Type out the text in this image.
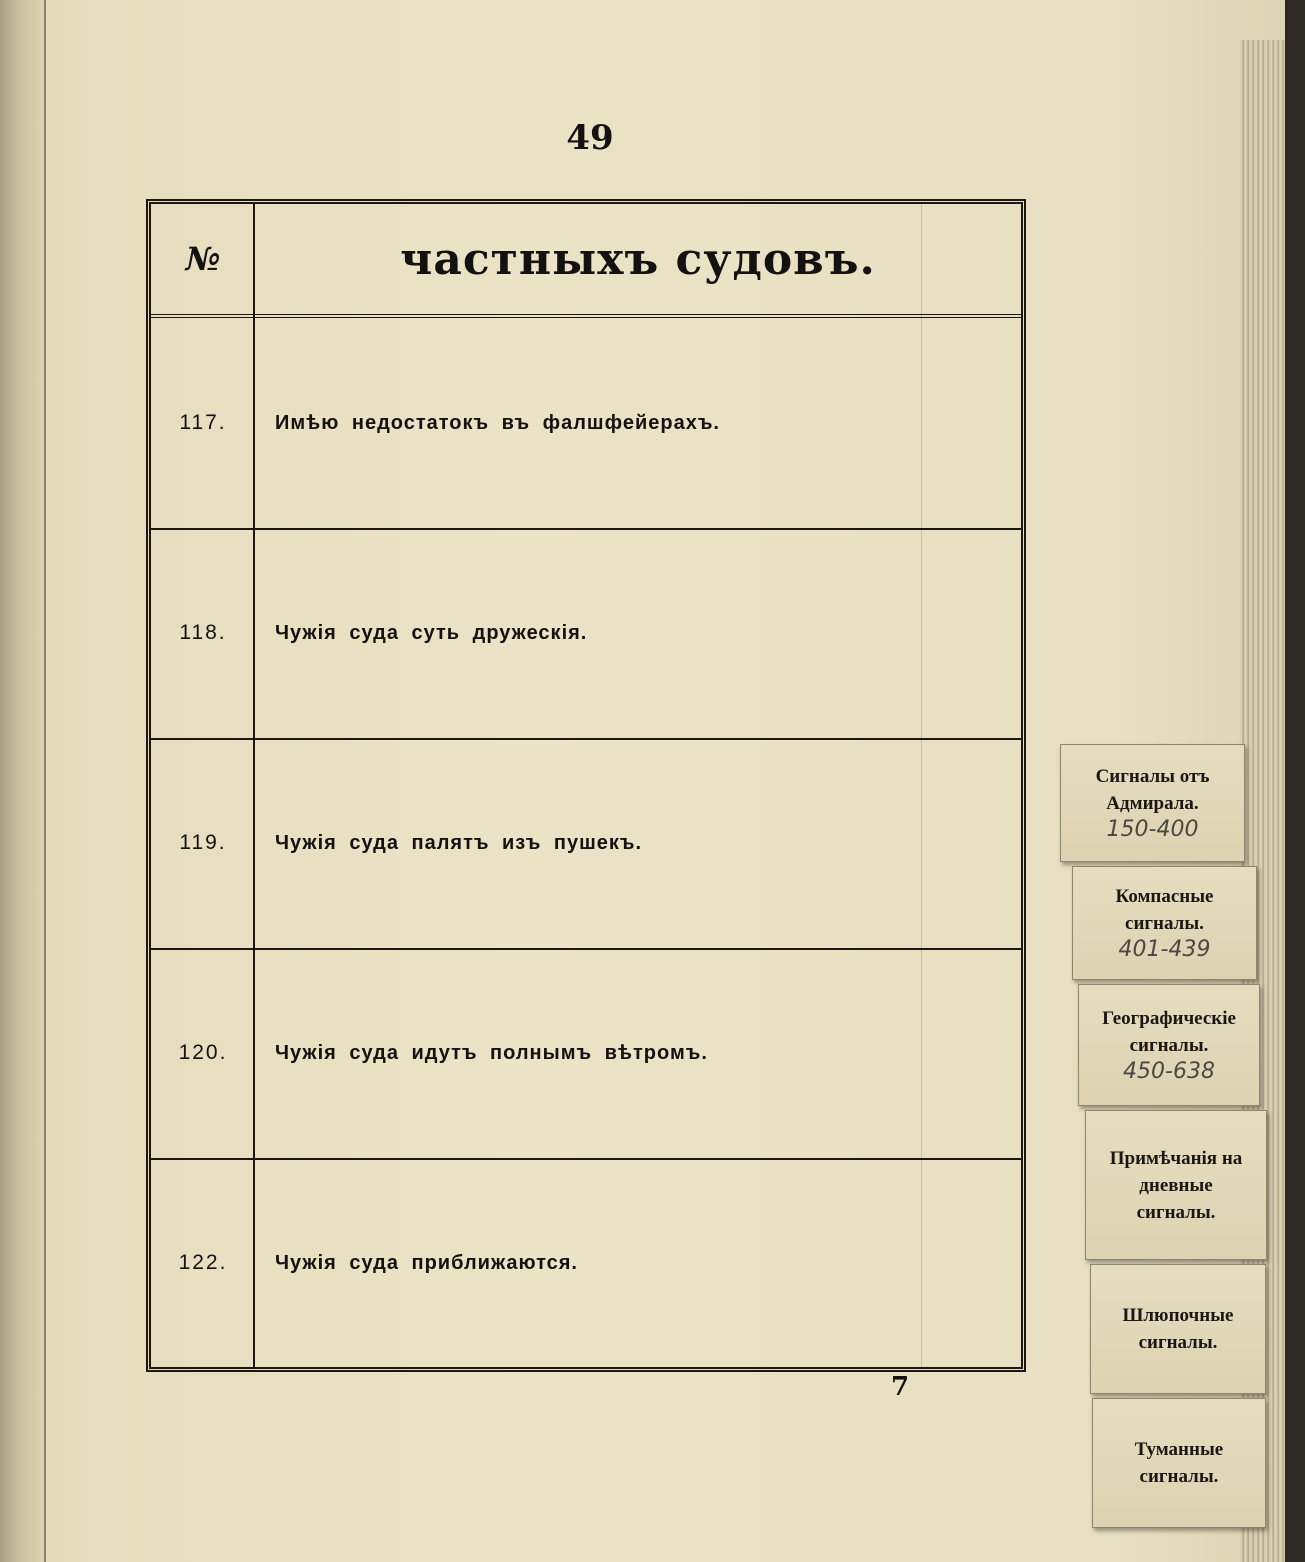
49
№	частныхъ судовъ.
117.	Имѣю недостатокъ въ фалшфейерахъ.
118.	Чужія суда суть дружескія.
119.	Чужія суда палятъ изъ пушекъ.
120.	Чужія суда идутъ полнымъ вѣтромъ.
122.	Чужія суда приближаются.
7
Сигналы отъ
Адмирала.
150-400
Компасные
сигналы.
401-439
Географическіе
сигналы.
450-638
Примѣчанія на
дневные
сигналы.
Шлюпочные
сигналы.
Туманные
сигналы.
